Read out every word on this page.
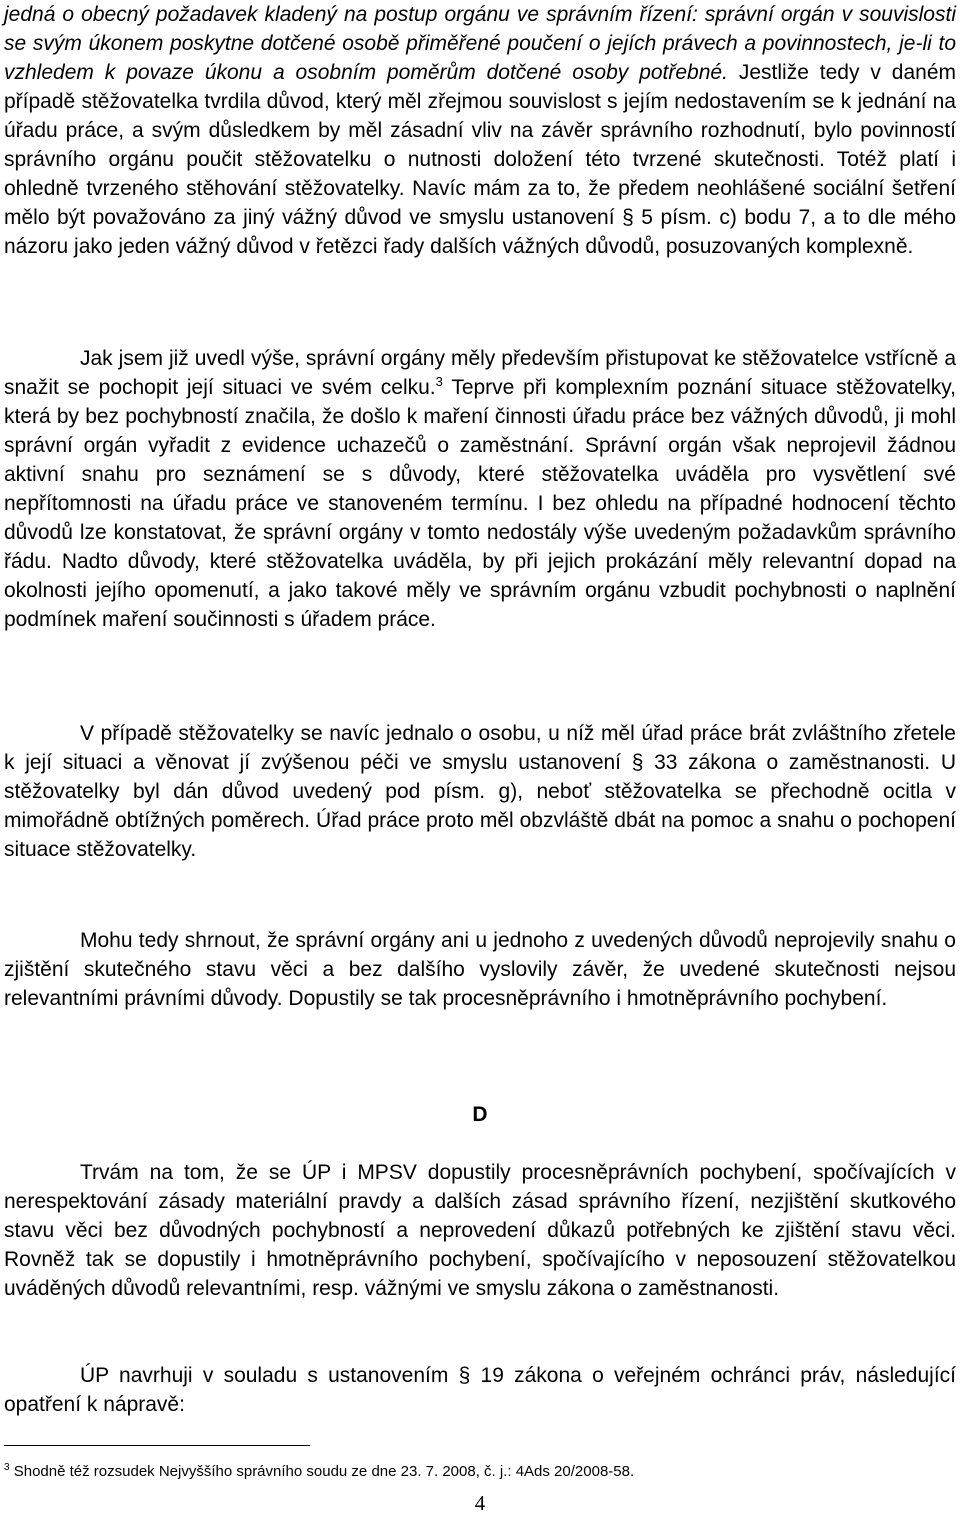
jedná o obecný požadavek kladený na postup orgánu ve správním řízení: správní orgán v souvislosti se svým úkonem poskytne dotčené osobě přiměřené poučení o jejích právech a povinnostech, je-li to vzhledem k povaze úkonu a osobním poměrům dotčené osoby potřebné. Jestliže tedy v daném případě stěžovatelka tvrdila důvod, který měl zřejmou souvislost s jejím nedostavením se k jednání na úřadu práce, a svým důsledkem by měl zásadní vliv na závěr správního rozhodnutí, bylo povinností správního orgánu poučit stěžovatelku o nutnosti doložení této tvrzené skutečnosti. Totéž platí i ohledně tvrzeného stěhování stěžovatelky. Navíc mám za to, že předem neohlášené sociální šetření mělo být považováno za jiný vážný důvod ve smyslu ustanovení § 5 písm. c) bodu 7, a to dle mého názoru jako jeden vážný důvod v řetězci řady dalších vážných důvodů, posuzovaných komplexně.

Jak jsem již uvedl výše, správní orgány měly především přistupovat ke stěžovatelce vstřícně a snažit se pochopit její situaci ve svém celku.$^3$ Teprve při komplexním poznání situace stěžovatelky, která by bez pochybností značila, že došlo k maření činnosti úřadu práce bez vážných důvodů, ji mohl správní orgán vyřadit z evidence uchazečů o zaměstnání. Správní orgán však neprojevil žádnou aktivní snahu pro seznámení se s důvody, které stěžovatelka uváděla pro vysvětlení své nepřítomnosti na úřadu práce ve stanoveném termínu. I bez ohledu na případné hodnocení těchto důvodů lze konstatovat, že správní orgány v tomto nedostály výše uvedeným požadavkům správního řádu. Nadto důvody, které stěžovatelka uváděla, by při jejich prokázání měly relevantní dopad na okolnosti jejího opomenutí, a jako takové měly ve správním orgánu vzbudit pochybnosti o naplnění podmínek maření součinnosti s úřadem práce.

V případě stěžovatelky se navíc jednalo o osobu, u níž měl úřad práce brát zvláštního zřetele k její situaci a věnovat jí zvýšenou péči ve smyslu ustanovení § 33 zákona o zaměstnanosti. U stěžovatelky byl dán důvod uvedený pod písm. g), neboť stěžovatelka se přechodně ocitla v mimořádně obtížných poměrech. Úřad práce proto měl obzvláště dbát na pomoc a snahu o pochopení situace stěžovatelky.

Mohu tedy shrnout, že správní orgány ani u jednoho z uvedených důvodů neprojevily snahu o zjištění skutečného stavu věci a bez dalšího vyslovily závěr, že uvedené skutečnosti nejsou relevantními právními důvody. Dopustily se tak procesněprávního i hmotněprávního pochybení.

D

Trvám na tom, že se ÚP i MPSV dopustily procesněprávních pochybení, spočívajících v nerespektování zásady materiální pravdy a dalších zásad správního řízení, nezjištění skutkového stavu věci bez důvodných pochybností a neprovedení důkazů potřebných ke zjištění stavu věci. Rovněž tak se dopustily i hmotněprávního pochybení, spočívajícího v neposouzení stěžovatelkou uváděných důvodů relevantními, resp. vážnými ve smyslu zákona o zaměstnanosti.

ÚP navrhuji v souladu s ustanovením § 19 zákona o veřejném ochránci práv, následující opatření k nápravě:

$^3$ Shodně též rozsudek Nejvyššího správního soudu ze dne 23. 7. 2008, č. j.: 4Ads 20/2008-58.
4
